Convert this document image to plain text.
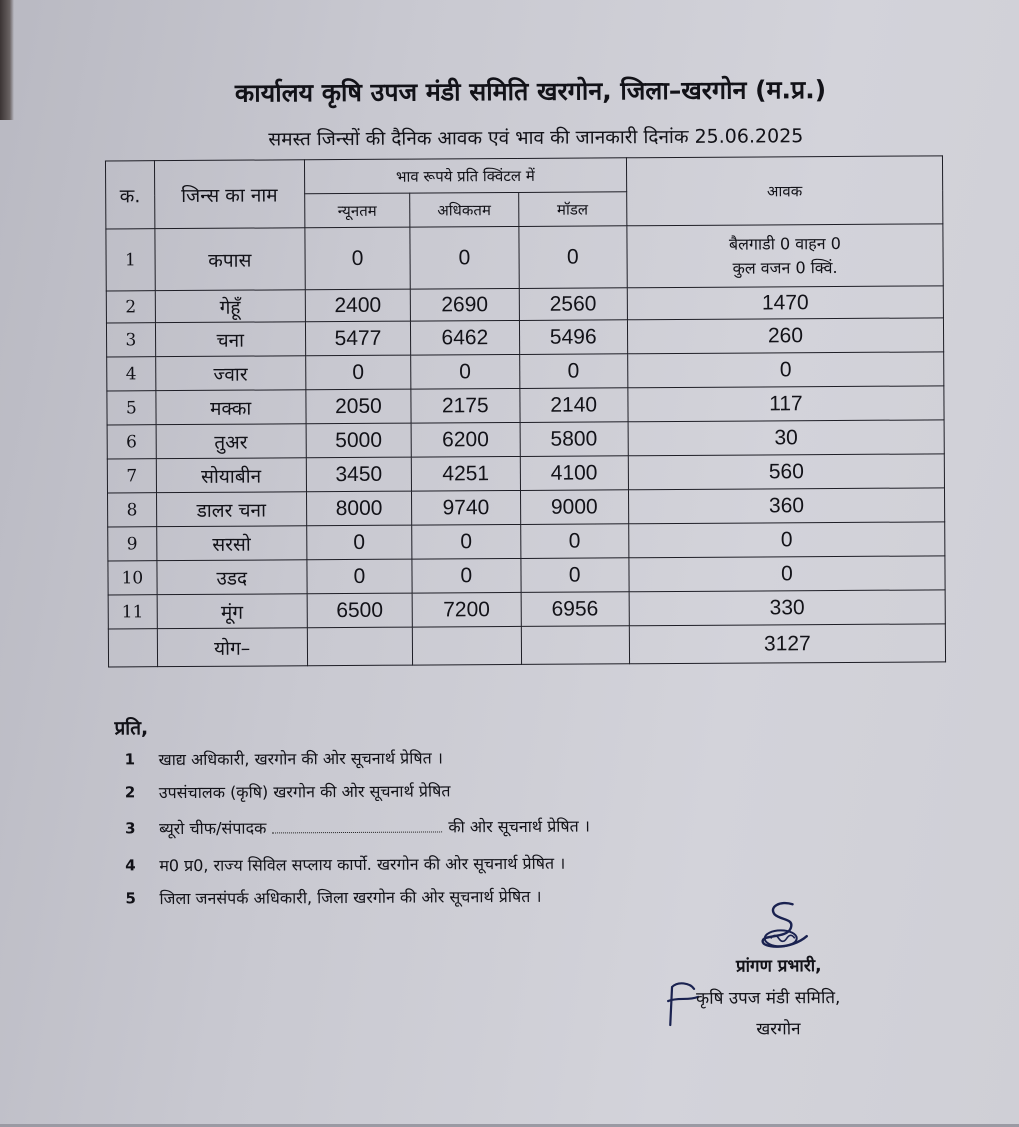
कार्यालय कृषि उपज मंडी समिति खरगोन, जिला–खरगोन (म.प्र.)
समस्त जिन्सों की दैनिक आवक एवं भाव की जानकारी दिनांक 25.06.2025
क.	जिन्स का नाम	भाव रूपये प्रति क्विंटल में			आवक
		न्यूनतम	अधिकतम	मॉडल	
1	कपास	0	0	0	बैलगाडी 0 वाहन 0
कुल वजन 0 क्विं.

2	गेहूँ	2400	2690	2560	1470
3	चना	5477	6462	5496	260
4	ज्वार	0	0	0	0
5	मक्का	2050	2175	2140	117
6	तुअर	5000	6200	5800	30
7	सोयाबीन	3450	4251	4100	560
8	डालर चना	8000	9740	9000	360
9	सरसो	0	0	0	0
10	उडद	0	0	0	0
11	मूंग	6500	7200	6956	330
	योग–				3127
प्रति,
1	खाद्य अधिकारी, खरगोन की ओर सूचनार्थ प्रेषित ।
2	उपसंचालक (कृषि) खरगोन की ओर सूचनार्थ प्रेषित
3	ब्यूरो चीफ/संपादक	की ओर सूचनार्थ प्रेषित ।
4	म0 प्र0, राज्य सिविल सप्लाय कार्पो. खरगोन की ओर सूचनार्थ प्रेषित ।
5	जिला जनसंपर्क अधिकारी, जिला खरगोन की ओर सूचनार्थ प्रेषित ।
प्रांगण प्रभारी,
कृषि उपज मंडी समिति,
खरगोन
